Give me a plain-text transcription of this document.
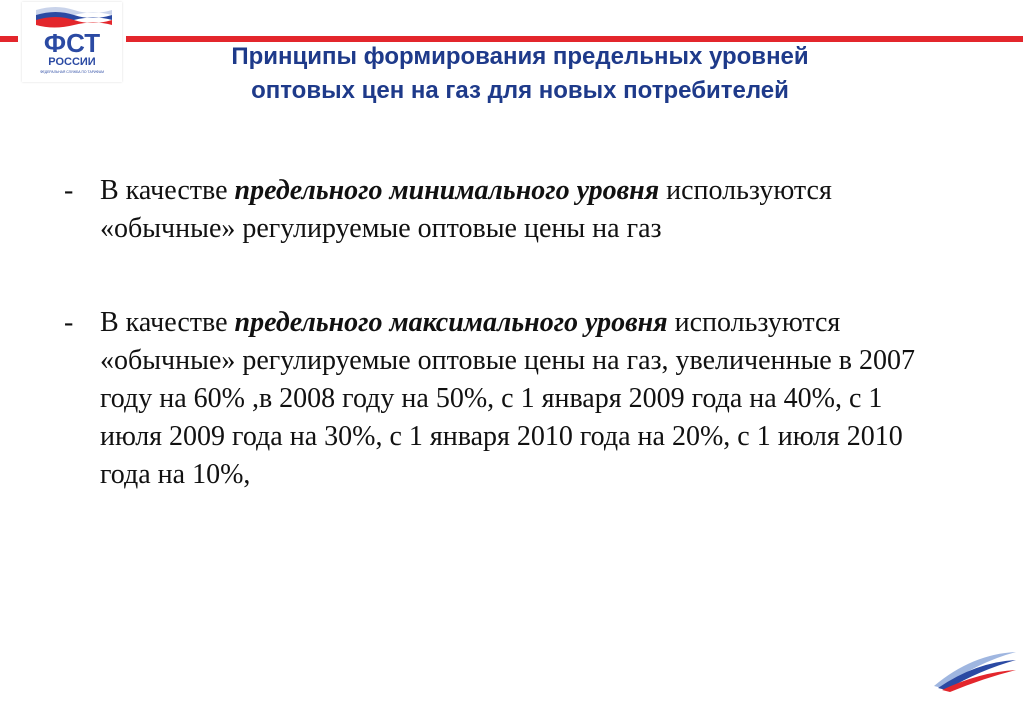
ФСТ
РОССИИ
ФЕДЕРАЛЬНАЯ СЛУЖБА ПО ТАРИФАМ
Принципы формирования предельных уровней
оптовых цен на газ для новых потребителей
- В качестве предельного минимального уровня используются «обычные» регулируемые оптовые цены на газ
- В качестве предельного максимального уровня используются «обычные» регулируемые оптовые цены на газ, увеличенные в 2007 году на 60% ,в 2008 году на 50%, с 1 января 2009 года на 40%, с 1 июля 2009 года на 30%, с 1 января 2010 года на 20%, с 1 июля 2010 года на 10%,
